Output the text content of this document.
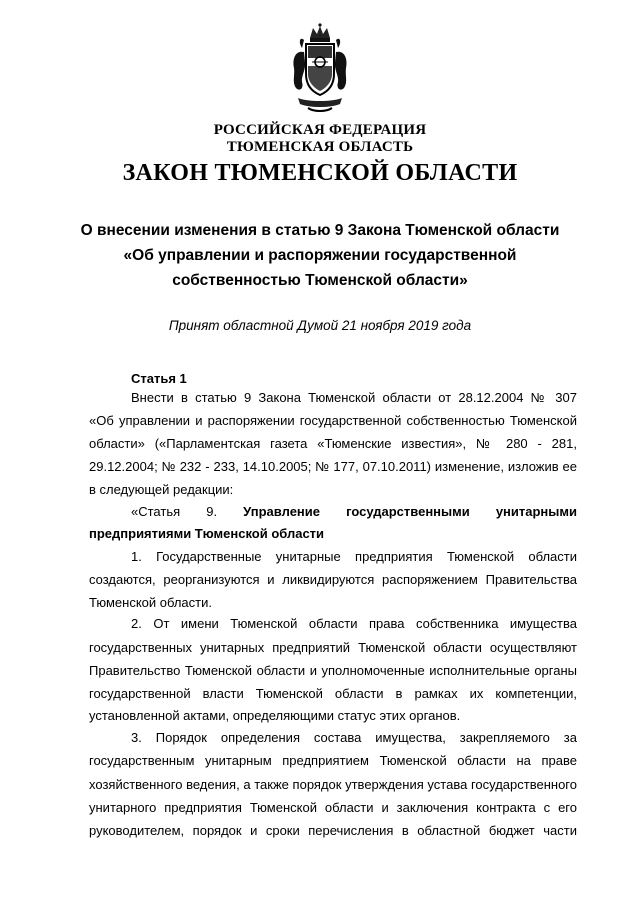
РОССИЙСКАЯ ФЕДЕРАЦИЯ
ТЮМЕНСКАЯ ОБЛАСТЬ
ЗАКОН ТЮМЕНСКОЙ ОБЛАСТИ
О внесении изменения в статью 9 Закона Тюменской области
«Об управлении и распоряжении государственной
собственностью Тюменской области»
Принят областной Думой 21 ноября 2019 года
Статья 1
Внести в статью 9 Закона Тюменской области от 28.12.2004 № 307
«Об управлении и распоряжении государственной собственностью Тюменской
области» («Парламентская газета «Тюменские известия», № 280 - 281,
29.12.2004; № 232 - 233, 14.10.2005; № 177, 07.10.2011) изменение, изложив ее
в следующей редакции:
«Статья 9. Управление государственными унитарными
предприятиями Тюменской области
1. Государственные унитарные предприятия Тюменской области
создаются, реорганизуются и ликвидируются распоряжением Правительства
Тюменской области.
2. От имени Тюменской области права собственника имущества
государственных унитарных предприятий Тюменской области осуществляют
Правительство Тюменской области и уполномоченные исполнительные органы
государственной власти Тюменской области в рамках их компетенции,
установленной актами, определяющими статус этих органов.
3. Порядок определения состава имущества, закрепляемого за
государственным унитарным предприятием Тюменской области на праве
хозяйственного ведения, а также порядок утверждения устава государственного
унитарного предприятия Тюменской области и заключения контракта с его
руководителем, порядок и сроки перечисления в областной бюджет части
